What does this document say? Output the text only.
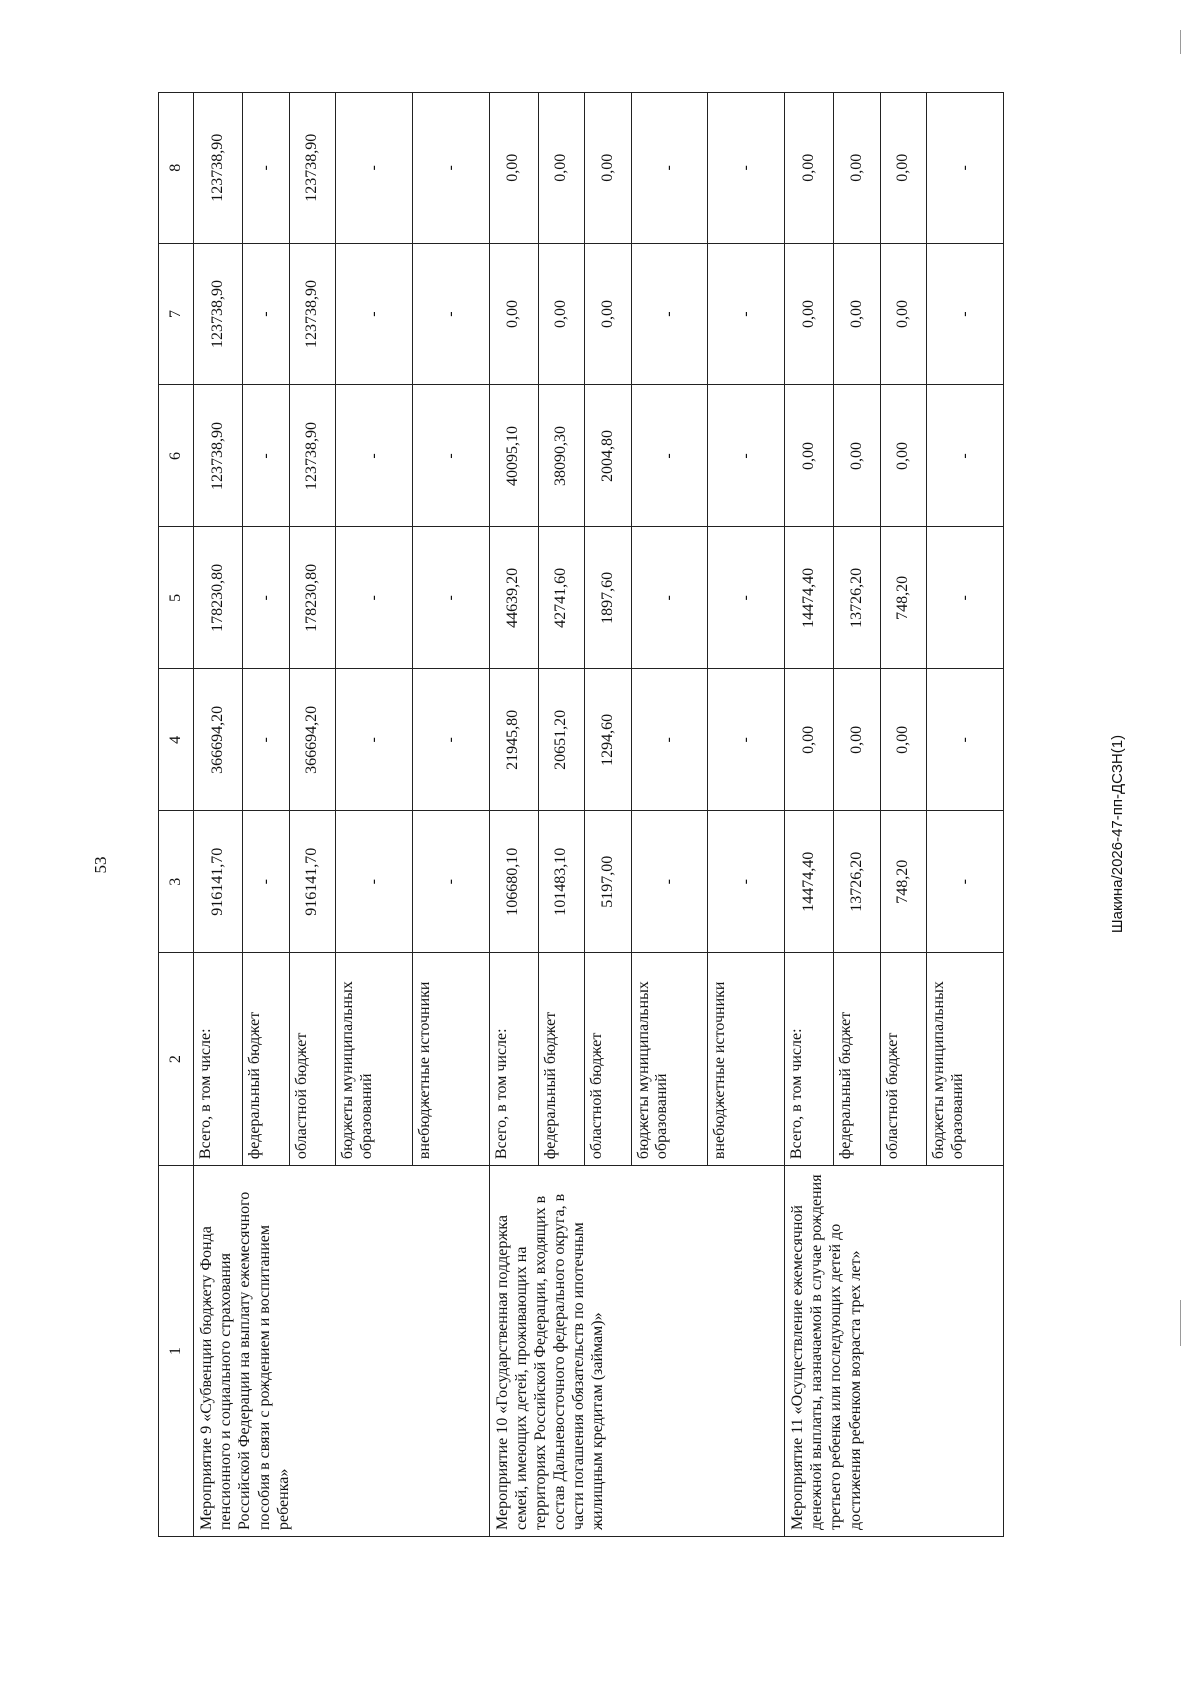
53
1	2	3	4	5	6	7	8
Мероприятие 9 «Субвенции бюджету Фонда пенсионного и социального страхования Российской Федерации на выплату ежемесячного пособия в связи с рождением и воспитанием ребенка»	Всего, в том числе:	916141,70	366694,20	178230,80	123738,90	123738,90	123738,90
	федеральный бюджет	-	-	-	-	-	-
	областной бюджет	916141,70	366694,20	178230,80	123738,90	123738,90	123738,90
	бюджеты муниципальных образований	-	-	-	-	-	-
	внебюджетные источники	-	-	-	-	-	-
Мероприятие 10 «Государственная поддержка семей, имеющих детей, проживающих на территориях Российской Федерации, входящих в состав Дальневосточного федерального округа, в части погашения обязательств по ипотечным жилищным кредитам (займам)»	Всего, в том числе:	106680,10	21945,80	44639,20	40095,10	0,00	0,00
	федеральный бюджет	101483,10	20651,20	42741,60	38090,30	0,00	0,00
	областной бюджет	5197,00	1294,60	1897,60	2004,80	0,00	0,00
	бюджеты муниципальных образований	-	-	-	-	-	-
	внебюджетные источники	-	-	-	-	-	-
Мероприятие 11 «Осуществление ежемесячной денежной выплаты, назначаемой в случае рождения третьего ребенка или последующих детей до достижения ребенком возраста трех лет»	Всего, в том числе:	14474,40	0,00	14474,40	0,00	0,00	0,00
	федеральный бюджет	13726,20	0,00	13726,20	0,00	0,00	0,00
	областной бюджет	748,20	0,00	748,20	0,00	0,00	0,00
	бюджеты муниципальных образований	-	-	-	-	-	-
Шакина/2026-47-пп-ДСЗН(1)
